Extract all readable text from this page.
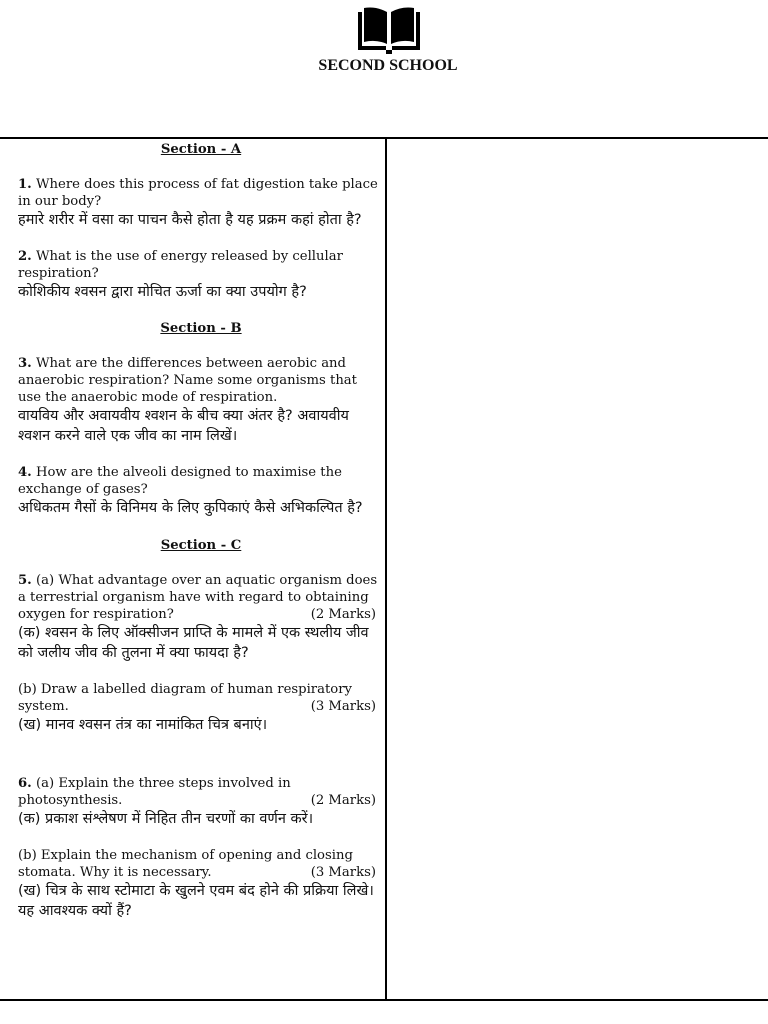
SECOND SCHOOL
Section - A
1. Where does this process of fat digestion take place in our body?
हमारे शरीर में वसा का पाचन कैसे होता है यह प्रक्रम कहां होता है?
2. What is the use of energy released by cellular respiration?
कोशिकीय श्वसन द्वारा मोचित ऊर्जा का क्या उपयोग है?
Section - B
3. What are the differences between aerobic and anaerobic respiration? Name some organisms that use the anaerobic mode of respiration.
वायविय और अवायवीय श्वशन के बीच क्या अंतर है? अवायवीय श्वशन करने वाले एक जीव का नाम लिखें।
4. How are the alveoli designed to maximise the exchange of gases?
अधिकतम गैसों के विनिमय के लिए कुपिकाएं कैसे अभिकल्पित है?
Section - C
5. (a) What advantage over an aquatic organism does a terrestrial organism have with regard to obtaining oxygen for respiration?	(2 Marks)
(क) श्वसन के लिए ऑक्सीजन प्राप्ति के मामले में एक स्थलीय जीव को जलीय जीव की तुलना में क्या फायदा है?
(b) Draw a labelled diagram of human respiratory system.	(3 Marks)
(ख) मानव श्वसन तंत्र का नामांकित चित्र बनाएं।
6. (a) Explain the three steps involved in photosynthesis.	(2 Marks)
(क) प्रकाश संश्लेषण में निहित तीन चरणों का वर्णन करें।
(b) Explain the mechanism of opening and closing stomata. Why it is necessary.	(3 Marks)
(ख) चित्र के साथ स्टोमाटा के खुलने एवम बंद होने की प्रक्रिया लिखे। यह आवश्यक क्यों हैं?
